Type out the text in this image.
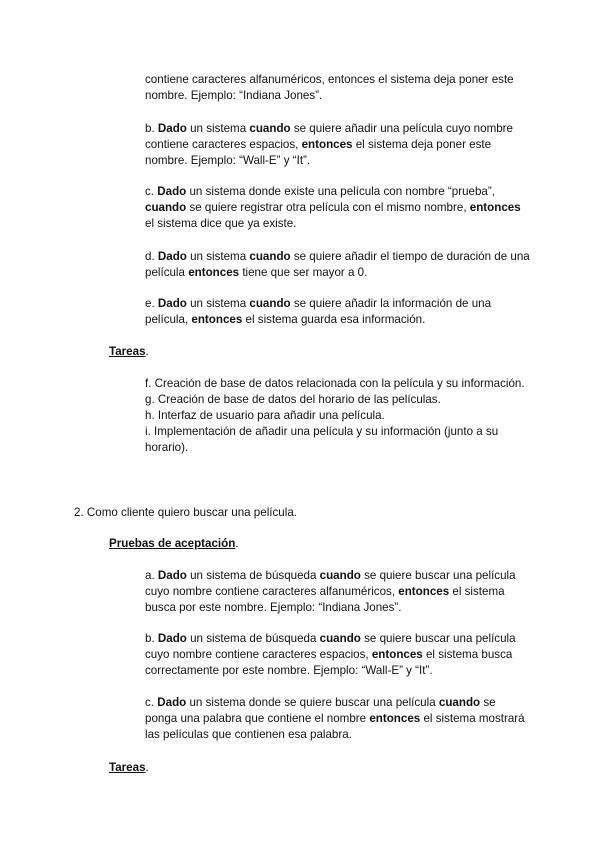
contiene caracteres alfanuméricos, entonces el sistema deja poner este nombre. Ejemplo: “Indiana Jones”.

b. Dado un sistema cuando se quiere añadir una película cuyo nombre contiene caracteres espacios, entonces el sistema deja poner este nombre. Ejemplo: “Wall-E” y “It”.

c. Dado un sistema donde existe una película con nombre “prueba”, cuando se quiere registrar otra película con el mismo nombre, entonces el sistema dice que ya existe.

d. Dado un sistema cuando se quiere añadir el tiempo de duración de una película entonces tiene que ser mayor a 0.

e. Dado un sistema cuando se quiere añadir la información de una película, entonces el sistema guarda esa información.

Tareas.

f. Creación de base de datos relacionada con la película y su información.
g. Creación de base de datos del horario de las películas.
h. Interfaz de usuario para añadir una película.
i. Implementación de añadir una película y su información (junto a su horario).

2. Como cliente quiero buscar una película.

Pruebas de aceptación.

a. Dado un sistema de búsqueda cuando se quiere buscar una película cuyo nombre contiene caracteres alfanuméricos, entonces el sistema busca por este nombre. Ejemplo: “Indiana Jones”.

b. Dado un sistema de búsqueda cuando se quiere buscar una película cuyo nombre contiene caracteres espacios, entonces el sistema busca correctamente por este nombre. Ejemplo: “Wall-E” y “It”.

c. Dado un sistema donde se quiere buscar una película cuando se ponga una palabra que contiene el nombre entonces el sistema mostrará las películas que contienen esa palabra.

Tareas.
